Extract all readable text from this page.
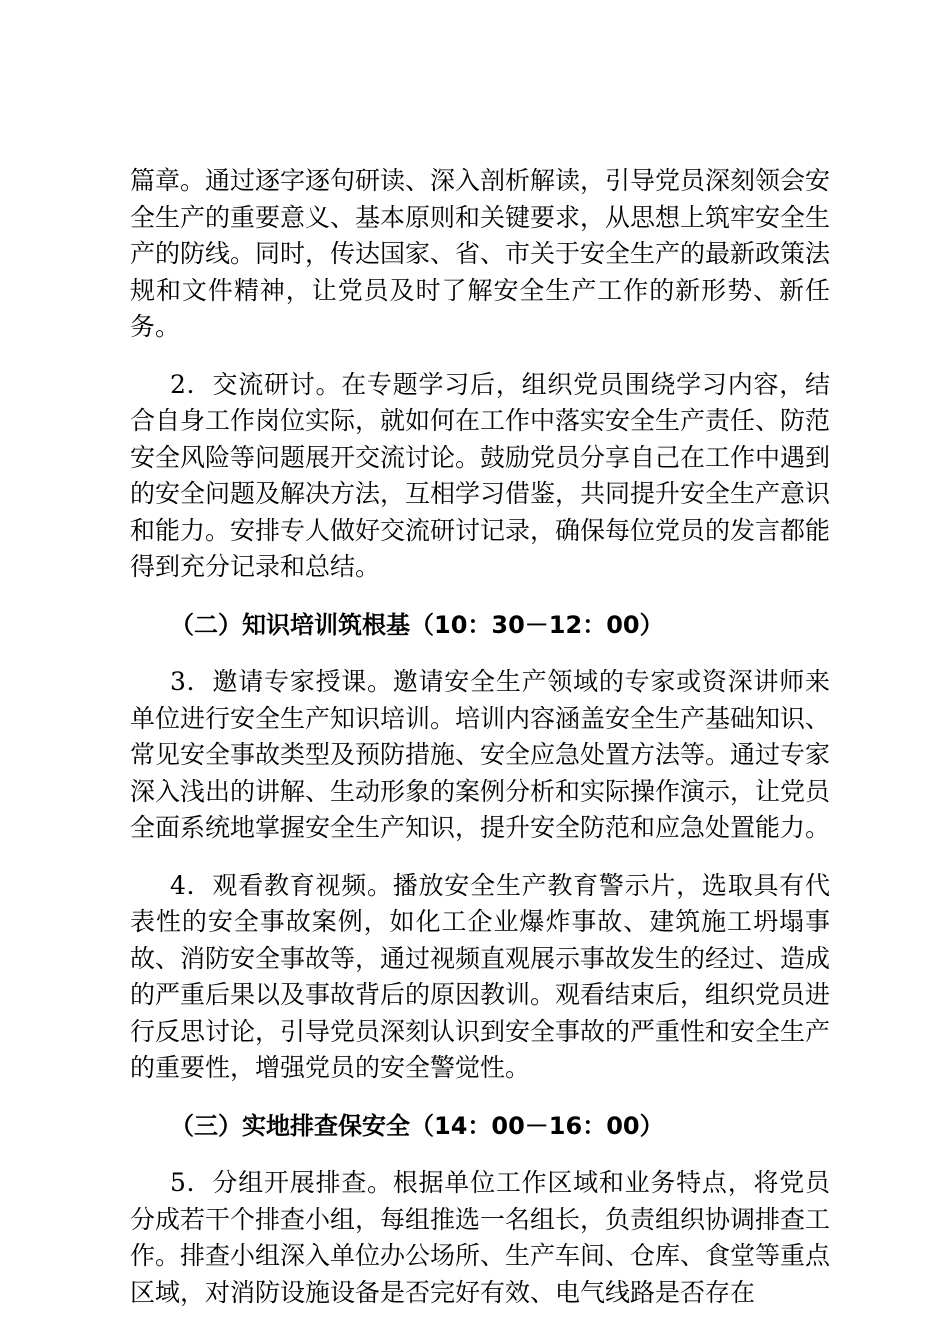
篇章。通过逐字逐句研读、深入剖析解读，引导党员深刻领会安全生产的重要意义、基本原则和关键要求，从思想上筑牢安全生产的防线。同时，传达国家、省、市关于安全生产的最新政策法规和文件精神，让党员及时了解安全生产工作的新形势、新任务。

2．交流研讨。在专题学习后，组织党员围绕学习内容，结合自身工作岗位实际，就如何在工作中落实安全生产责任、防范安全风险等问题展开交流讨论。鼓励党员分享自己在工作中遇到的安全问题及解决方法，互相学习借鉴，共同提升安全生产意识和能力。安排专人做好交流研讨记录，确保每位党员的发言都能得到充分记录和总结。

（二）知识培训筑根基（10：30－12：00）

3．邀请专家授课。邀请安全生产领域的专家或资深讲师来单位进行安全生产知识培训。培训内容涵盖安全生产基础知识、常见安全事故类型及预防措施、安全应急处置方法等。通过专家深入浅出的讲解、生动形象的案例分析和实际操作演示，让党员全面系统地掌握安全生产知识，提升安全防范和应急处置能力。

4．观看教育视频。播放安全生产教育警示片，选取具有代表性的安全事故案例，如化工企业爆炸事故、建筑施工坍塌事故、消防安全事故等，通过视频直观展示事故发生的经过、造成的严重后果以及事故背后的原因教训。观看结束后，组织党员进行反思讨论，引导党员深刻认识到安全事故的严重性和安全生产的重要性，增强党员的安全警觉性。

（三）实地排查保安全（14：00－16：00）

5．分组开展排查。根据单位工作区域和业务特点，将党员分成若干个排查小组，每组推选一名组长，负责组织协调排查工作。排查小组深入单位办公场所、生产车间、仓库、食堂等重点区域，对消防设施设备是否完好有效、电气线路是否存在
